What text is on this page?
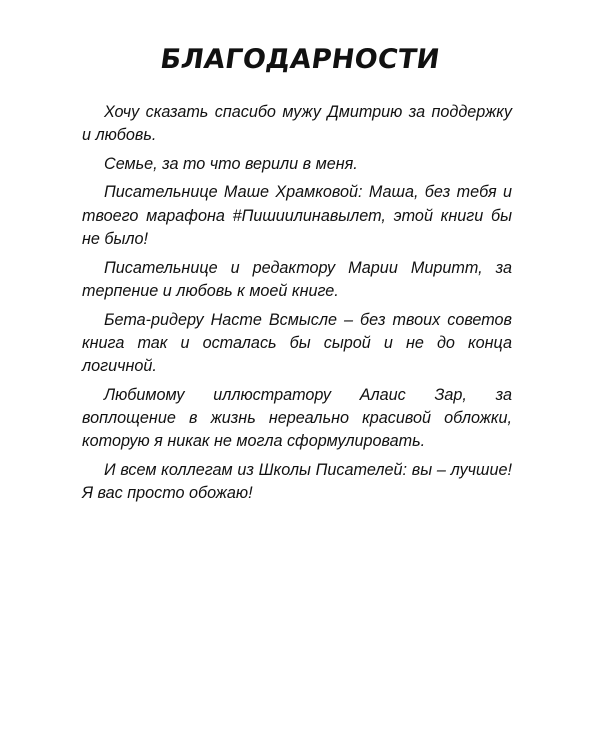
БЛАГОДАРНОСТИ

Хочу сказать спасибо мужу Дмитрию за поддержку и любовь.

Семье, за то что верили в меня.

Писательнице Маше Храмковой: Маша, без тебя и твоего марафона #Пишиилинавылет, этой книги бы не было!

Писательнице и редактору Марии Миритт, за терпение и любовь к моей книге.

Бета-ридеру Насте Всмысле – без твоих советов книга так и осталась бы сырой и не до конца логичной.

Любимому иллюстратору Алаис Зар, за воплощение в жизнь нереально красивой обложки, которую я никак не могла сформулировать.

И всем коллегам из Школы Писателей: вы – лучшие! Я вас просто обожаю!
